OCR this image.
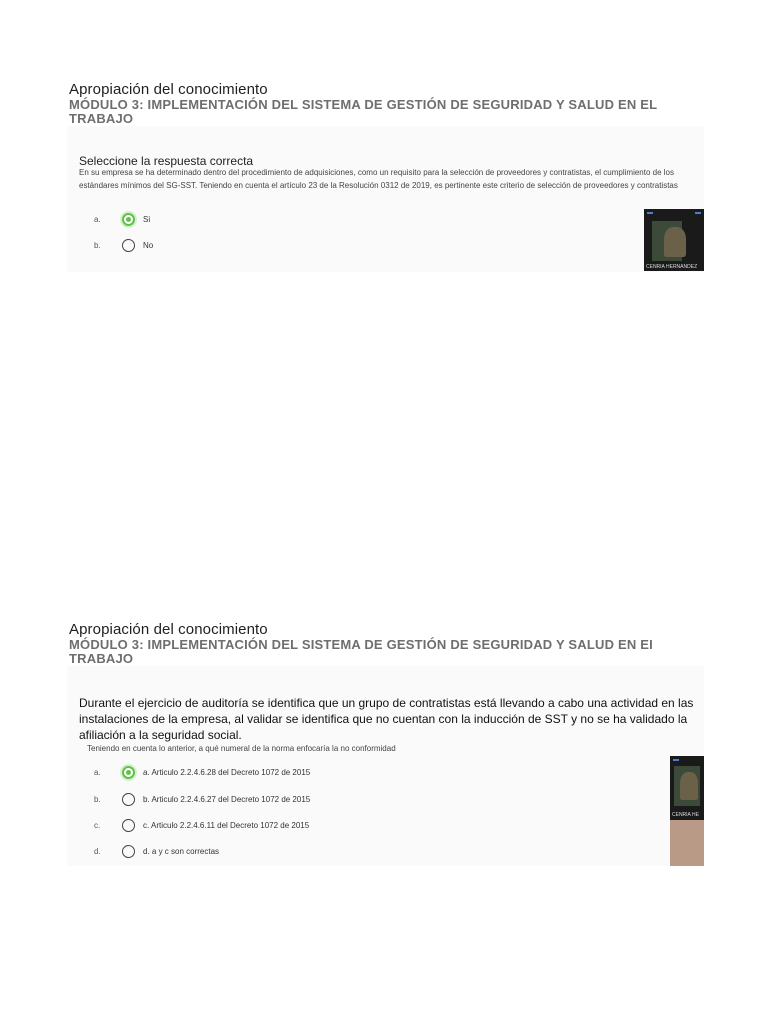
Apropiación del conocimiento
MÓDULO 3: IMPLEMENTACIÓN DEL SISTEMA DE GESTIÓN DE SEGURIDAD Y SALUD EN EL
TRABAJO
Seleccione la respuesta correcta
En su empresa se ha determinado dentro del procedimiento de adquisiciones, como un requisito para la selección de proveedores y contratistas, el cumplimiento de los estándares mínimos del SG-SST. Teniendo en cuenta el artículo 23 de la Resolución 0312 de 2019, es pertinente este criterio de selección de proveedores y contratistas
a.	Si
b.	No
CENRIA HERNANDEZ
Apropiación del conocimiento
MÓDULO 3: IMPLEMENTACIÓN DEL SISTEMA DE GESTIÓN DE SEGURIDAD Y SALUD EN EI
TRABAJO
Durante el ejercicio de auditoría se identifica que un grupo de contratistas está llevando a cabo una actividad en las instalaciones de la empresa, al validar se identifica que no cuentan con la inducción de SST y no se ha validado la afiliación a la seguridad social.
Teniendo en cuenta lo anterior, a qué numeral de la norma enfocaría la no conformidad
a.	a. Articulo 2.2.4.6.28 del Decreto 1072 de 2015
b.	b. Articulo 2.2.4.6.27 del Decreto 1072 de 2015
c.	c. Articulo 2.2.4.6.11 del Decreto 1072 de 2015
d.	d. a y c son correctas
CENRIA HE
